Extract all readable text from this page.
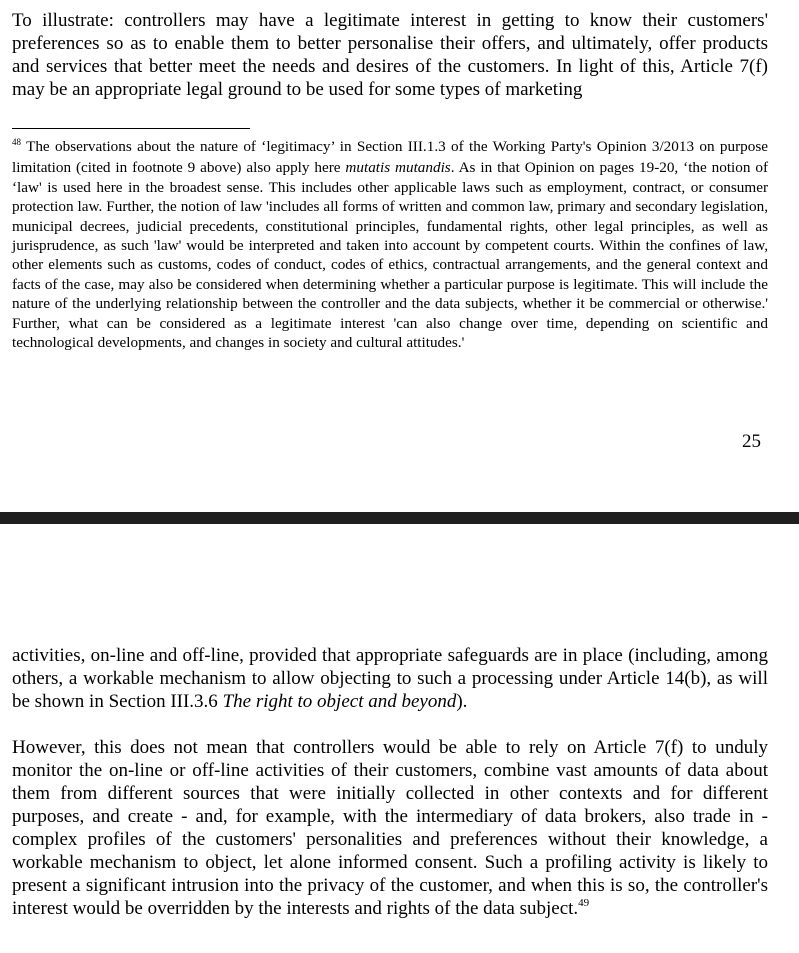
To illustrate: controllers may have a legitimate interest in getting to know their customers' preferences so as to enable them to better personalise their offers, and ultimately, offer products and services that better meet the needs and desires of the customers. In light of this, Article 7(f) may be an appropriate legal ground to be used for some types of marketing

$^{48}$ The observations about the nature of ‘legitimacy’ in Section III.1.3 of the Working Party's Opinion 3/2013 on purpose limitation (cited in footnote 9 above) also apply here mutatis mutandis. As in that Opinion on pages 19-20, ‘the notion of ‘law' is used here in the broadest sense. This includes other applicable laws such as employment, contract, or consumer protection law. Further, the notion of law 'includes all forms of written and common law, primary and secondary legislation, municipal decrees, judicial precedents, constitutional principles, fundamental rights, other legal principles, as well as jurisprudence, as such 'law' would be interpreted and taken into account by competent courts. Within the confines of law, other elements such as customs, codes of conduct, codes of ethics, contractual arrangements, and the general context and facts of the case, may also be considered when determining whether a particular purpose is legitimate. This will include the nature of the underlying relationship between the controller and the data subjects, whether it be commercial or otherwise.' Further, what can be considered as a legitimate interest 'can also change over time, depending on scientific and technological developments, and changes in society and cultural attitudes.'

25

activities, on-line and off-line, provided that appropriate safeguards are in place (including, among others, a workable mechanism to allow objecting to such a processing under Article 14(b), as will be shown in Section III.3.6 The right to object and beyond).

However, this does not mean that controllers would be able to rely on Article 7(f) to unduly monitor the on-line or off-line activities of their customers, combine vast amounts of data about them from different sources that were initially collected in other contexts and for different purposes, and create - and, for example, with the intermediary of data brokers, also trade in - complex profiles of the customers' personalities and preferences without their knowledge, a workable mechanism to object, let alone informed consent. Such a profiling activity is likely to present a significant intrusion into the privacy of the customer, and when this is so, the controller's interest would be overridden by the interests and rights of the data subject.$^{49}$
